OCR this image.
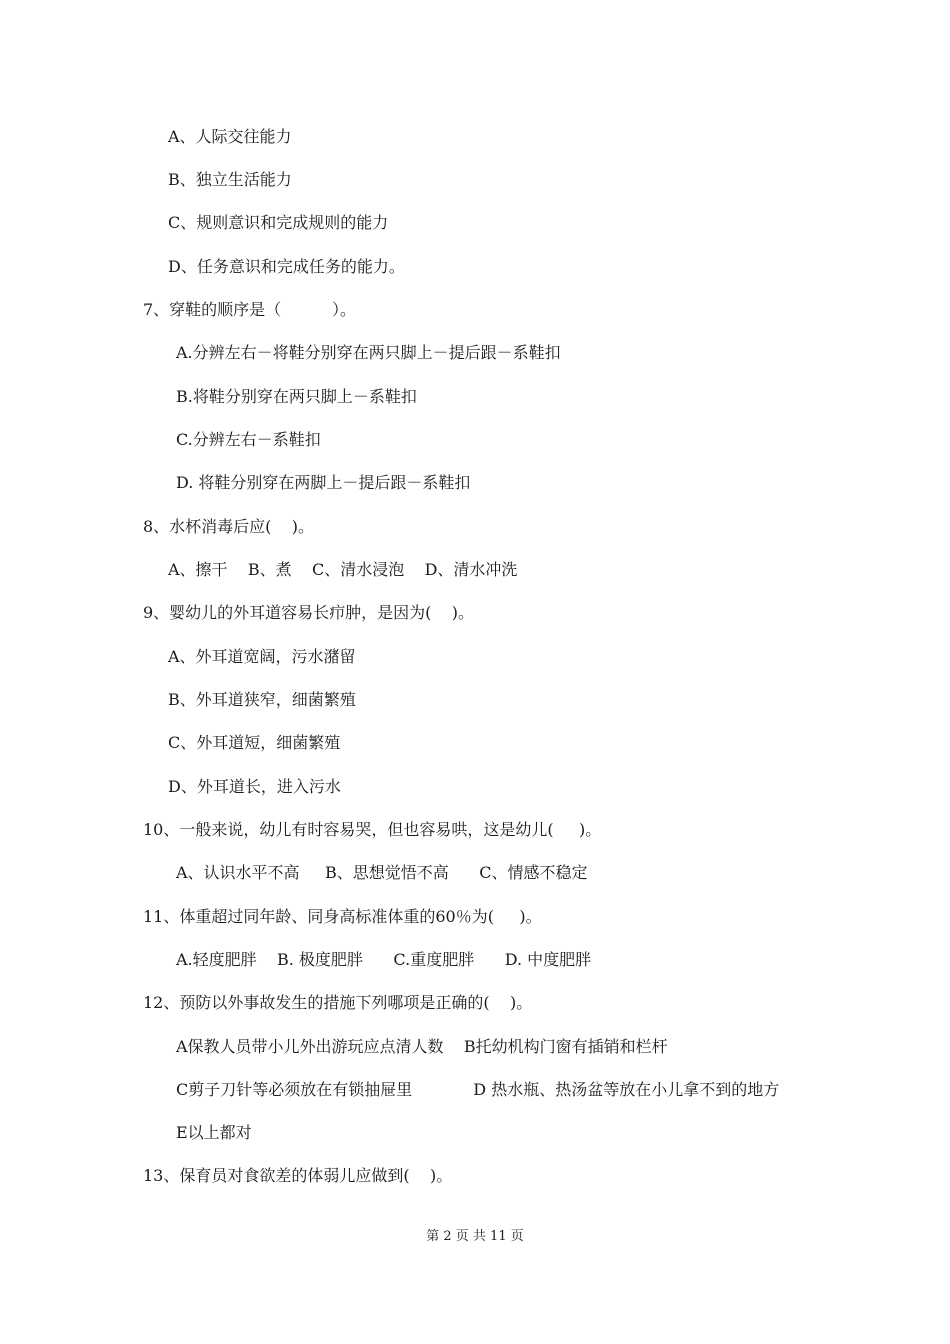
A、人际交往能力
B、独立生活能力
C、规则意识和完成规则的能力
D、任务意识和完成任务的能力。
7、穿鞋的顺序是（          ）。
A.分辨左右－将鞋分别穿在两只脚上－提后跟－系鞋扣
B.将鞋分别穿在两只脚上－系鞋扣
C.分辨左右－系鞋扣
D. 将鞋分别穿在两脚上－提后跟－系鞋扣
8、水杯消毒后应(    )。
A、擦干    B、煮    C、清水浸泡    D、清水冲洗
9、婴幼儿的外耳道容易长疖肿，是因为(    )。
A、外耳道宽阔，污水潴留
B、外耳道狭窄，细菌繁殖
C、外耳道短，细菌繁殖
D、外耳道长，进入污水
10、一般来说，幼儿有时容易哭，但也容易哄，这是幼儿(     )。
A、认识水平不高     B、思想觉悟不高      C、情感不稳定
11、体重超过同年龄、同身高标准体重的60％为(     )。
A.轻度肥胖    B. 极度肥胖      C.重度肥胖      D. 中度肥胖
12、预防以外事故发生的措施下列哪项是正确的(    )。
A保教人员带小儿外出游玩应点清人数    B托幼机构门窗有插销和栏杆
C剪子刀针等必须放在有锁抽屉里            D 热水瓶、热汤盆等放在小儿拿不到的地方
E以上都对
13、保育员对食欲差的体弱儿应做到(    )。
第 2 页 共 11 页
